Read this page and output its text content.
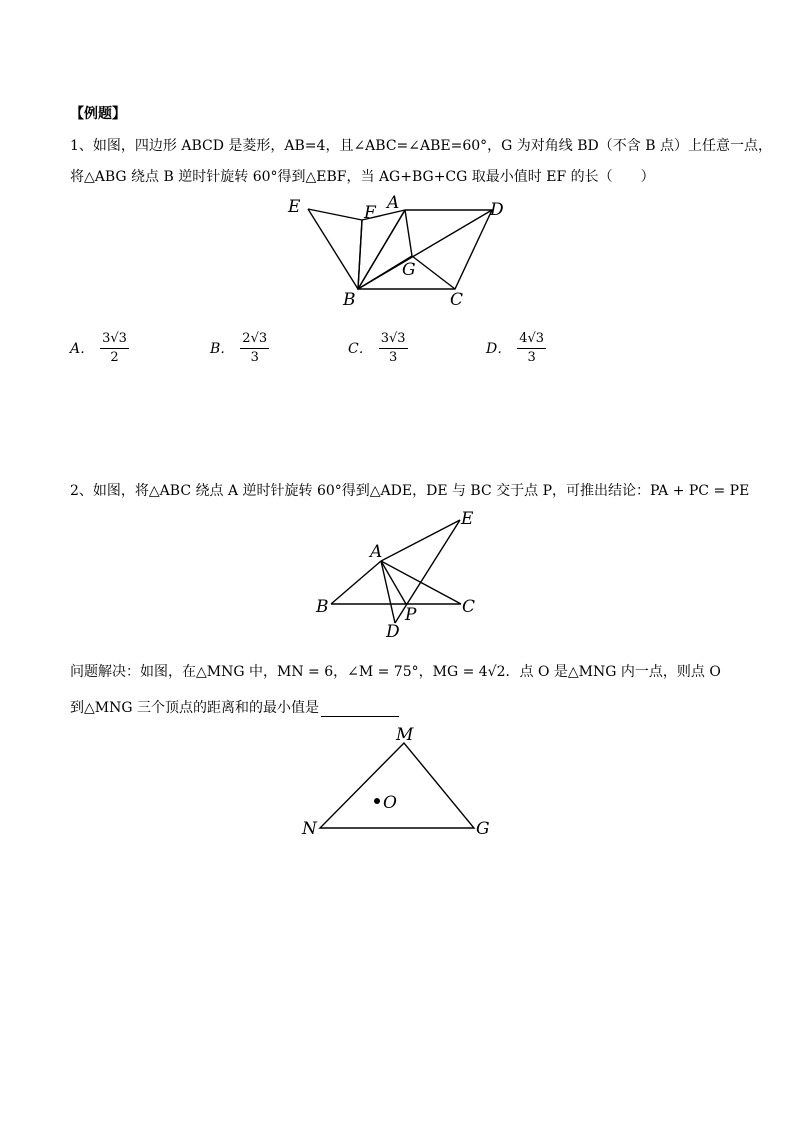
【例题】
1、如图，四边形 ABCD 是菱形，AB=4，且∠ABC=∠ABE=60°，G 为对角线 BD（不含 B 点）上任意一点，
将△ABG 绕点 B 逆时针旋转 60°得到△EBF，当 AG+BG+CG 取最小值时 EF 的长（　　）
E	F A	D
G
B	C
A． $\frac{3√3}{2}$	B． $\frac{2√3}{3}$	C． $\frac{3√3}{3}$	D． $\frac{4√3}{3}$
2、如图，将△ABC 绕点 A 逆时针旋转 60°得到△ADE，DE 与 BC 交于点 P，可推出结论：PA + PC = PE
A
E
B	C
P
D
问题解决：如图，在△MNG 中，MN = 6，∠M = 75°，MG = 4√2．点 O 是△MNG 内一点，则点 O
到△MNG 三个顶点的距离和的最小值是
M
N	G
O
